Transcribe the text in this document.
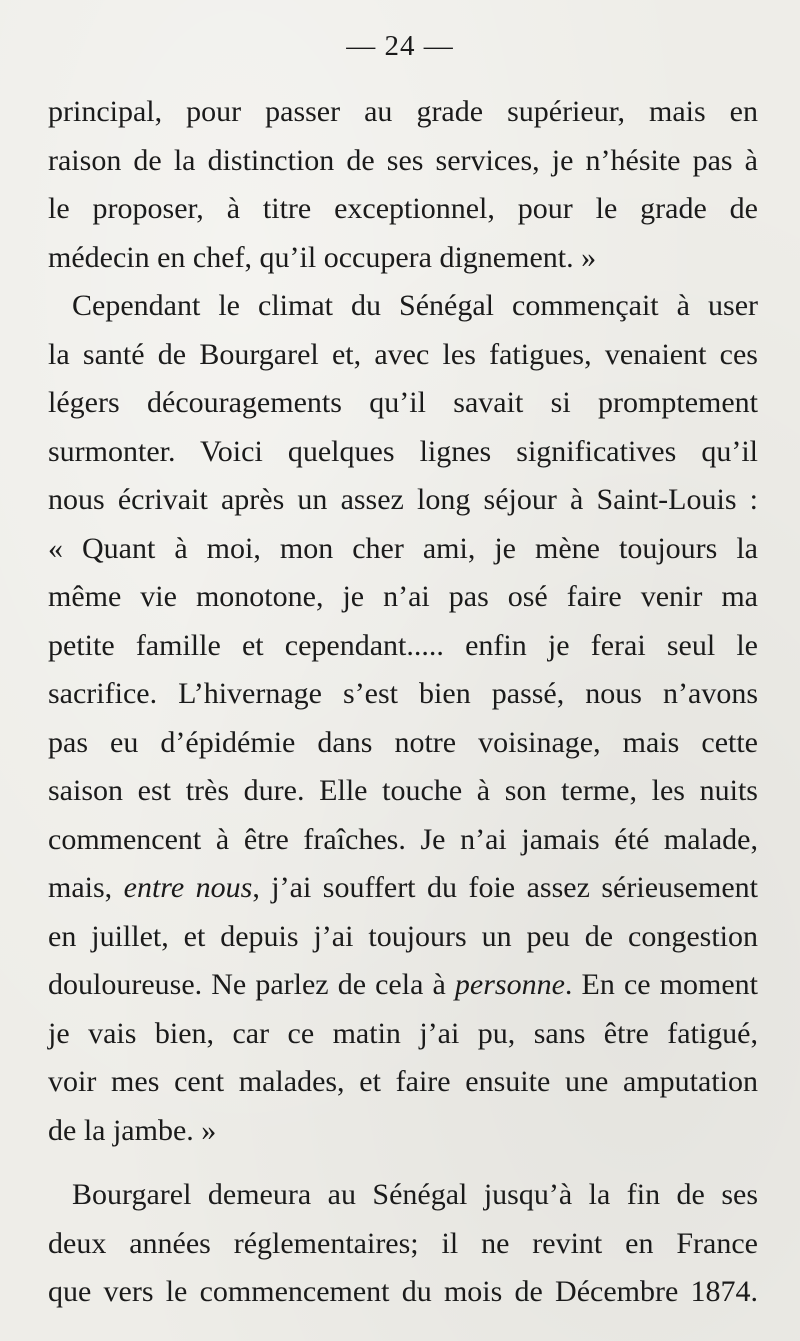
— 24 —
principal, pour passer au grade supérieur, mais en
raison de la distinction de ses services, je n’hésite pas à
le proposer, à titre exceptionnel, pour le grade de
médecin en chef, qu’il occupera dignement. »
Cependant le climat du Sénégal commençait à user
la santé de Bourgarel et, avec les fatigues, venaient ces
légers découragements qu’il savait si promptement
surmonter. Voici quelques lignes significatives qu’il
nous écrivait après un assez long séjour à Saint-Louis :
« Quant à moi, mon cher ami, je mène toujours la
même vie monotone, je n’ai pas osé faire venir ma
petite famille et cependant..... enfin je ferai seul le
sacrifice. L’hivernage s’est bien passé, nous n’avons
pas eu d’épidémie dans notre voisinage, mais cette
saison est très dure. Elle touche à son terme, les nuits
commencent à être fraîches. Je n’ai jamais été malade,
mais, entre nous, j’ai souffert du foie assez sérieusement
en juillet, et depuis j’ai toujours un peu de congestion
douloureuse. Ne parlez de cela à personne. En ce moment
je vais bien, car ce matin j’ai pu, sans être fatigué,
voir mes cent malades, et faire ensuite une amputation
de la jambe. »
Bourgarel demeura au Sénégal jusqu’à la fin de ses
deux années réglementaires; il ne revint en France
que vers le commencement du mois de Décembre 1874.
